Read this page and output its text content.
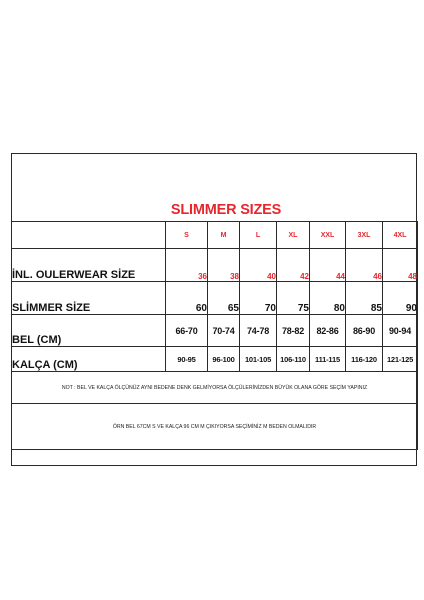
SLIMMER SIZES
	S	M	L	XL	XXL	3XL	4XL
İNL. OULERWEAR SİZE	36	38	40	42	44	46	48
SLİMMER SİZE	60	65	70	75	80	85	90
BEL (CM)	66-70	70-74	74-78	78-82	82-86	86-90	90-94
KALÇA (CM)	90-95	96-100	101-105	106-110	111-115	116-120	121-125
NOT : BEL VE KALÇA ÖLÇÜNÜZ AYNI BEDENE DENK GELMİYORSA ÖLÇÜLERİNİZDEN BÜYÜK OLANA GÖRE SEÇİM YAPINIZ							
ÖRN BEL 67CM S VE KALÇA 96 CM M ÇIKIYORSA SEÇİMİNİZ M BEDEN OLMALIDIR							
